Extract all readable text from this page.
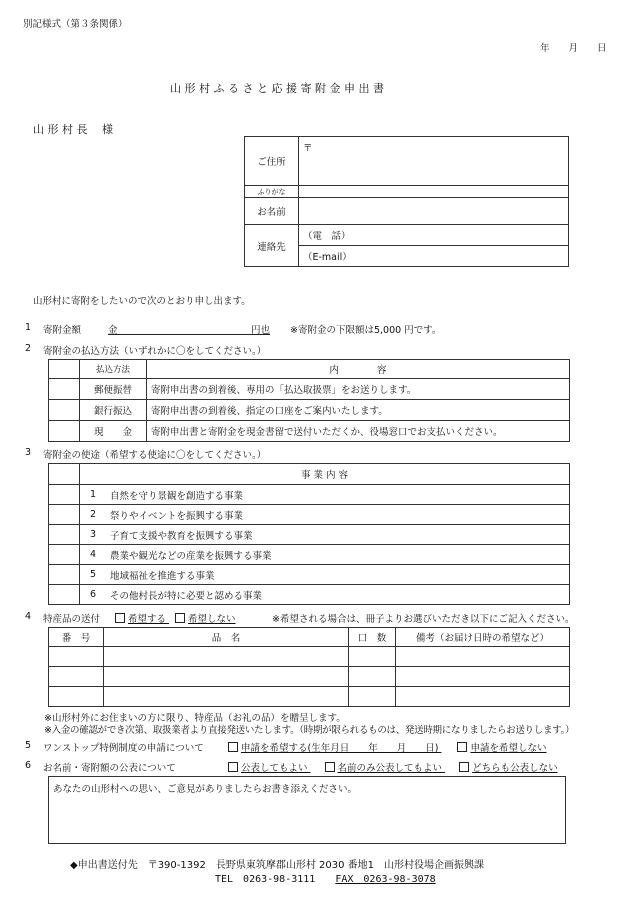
別記様式（第３条関係）
年　　月　　日
山 形 村 ふ る さ と 応 援 寄 附 金 申 出 書
山 形 村 長　 様
ご住所	〒
ふりがな	
お名前	
連絡先	（電　話）
	（E-mail）
山形村に寄附をしたいので次のとおり申し出ます。
1 寄附金額	金	円也 ※寄附金の下限額は5,000 円です。
2 寄附金の払込方法（いずれかに〇をしてください。）
	払込方法	内　　　　容
	郵便振替	寄附申出書の到着後、専用の「払込取扱票」をお送りします。
	銀行振込	寄附申出書の到着後、指定の口座をご案内いたします。
	現　　金	寄附申出書と寄附金を現金書留で送付いただくか、役場窓口でお支払いください。
3 寄附金の使途（希望する使途に〇をしてください。）
	事 業 内 容	
	1	自然を守り景観を創造する事業
	2	祭りやイベントを振興する事業
	3	子育て支援や教育を振興する事業
	4	農業や観光などの産業を振興する事業
	5	地域福祉を推進する事業
	6	その他村長が特に必要と認める事業
4 特産品の送付	希望する 希望しない	※希望される場合は、冊子よりお選びいただき以下にご記入ください。
番　号	品　名	口　数	備考（お届け日時の希望など）

※山形村外にお住まいの方に限り、特産品（お礼の品）を贈呈します。
※入金の確認ができ次第、取扱業者より直接発送いたします。（時期が限られるものは、発送時期になりましたらお送りします。）
5 ワンストップ特例制度の申請について	申請を希望する(生年月日　　年　　月　　日)	申請を希望しない
6 お名前・寄附額の公表について	公表してもよい	名前のみ公表してもよい	どちらも公表しない
あなたの山形村への思い、ご意見がありましたらお書き添えください。
◆申出書送付先　〒390-1392　長野県東筑摩郡山形村 2030 番地1　山形村役場企画振興課
TEL　0263-98-3111 FAX　0263-98-3078
